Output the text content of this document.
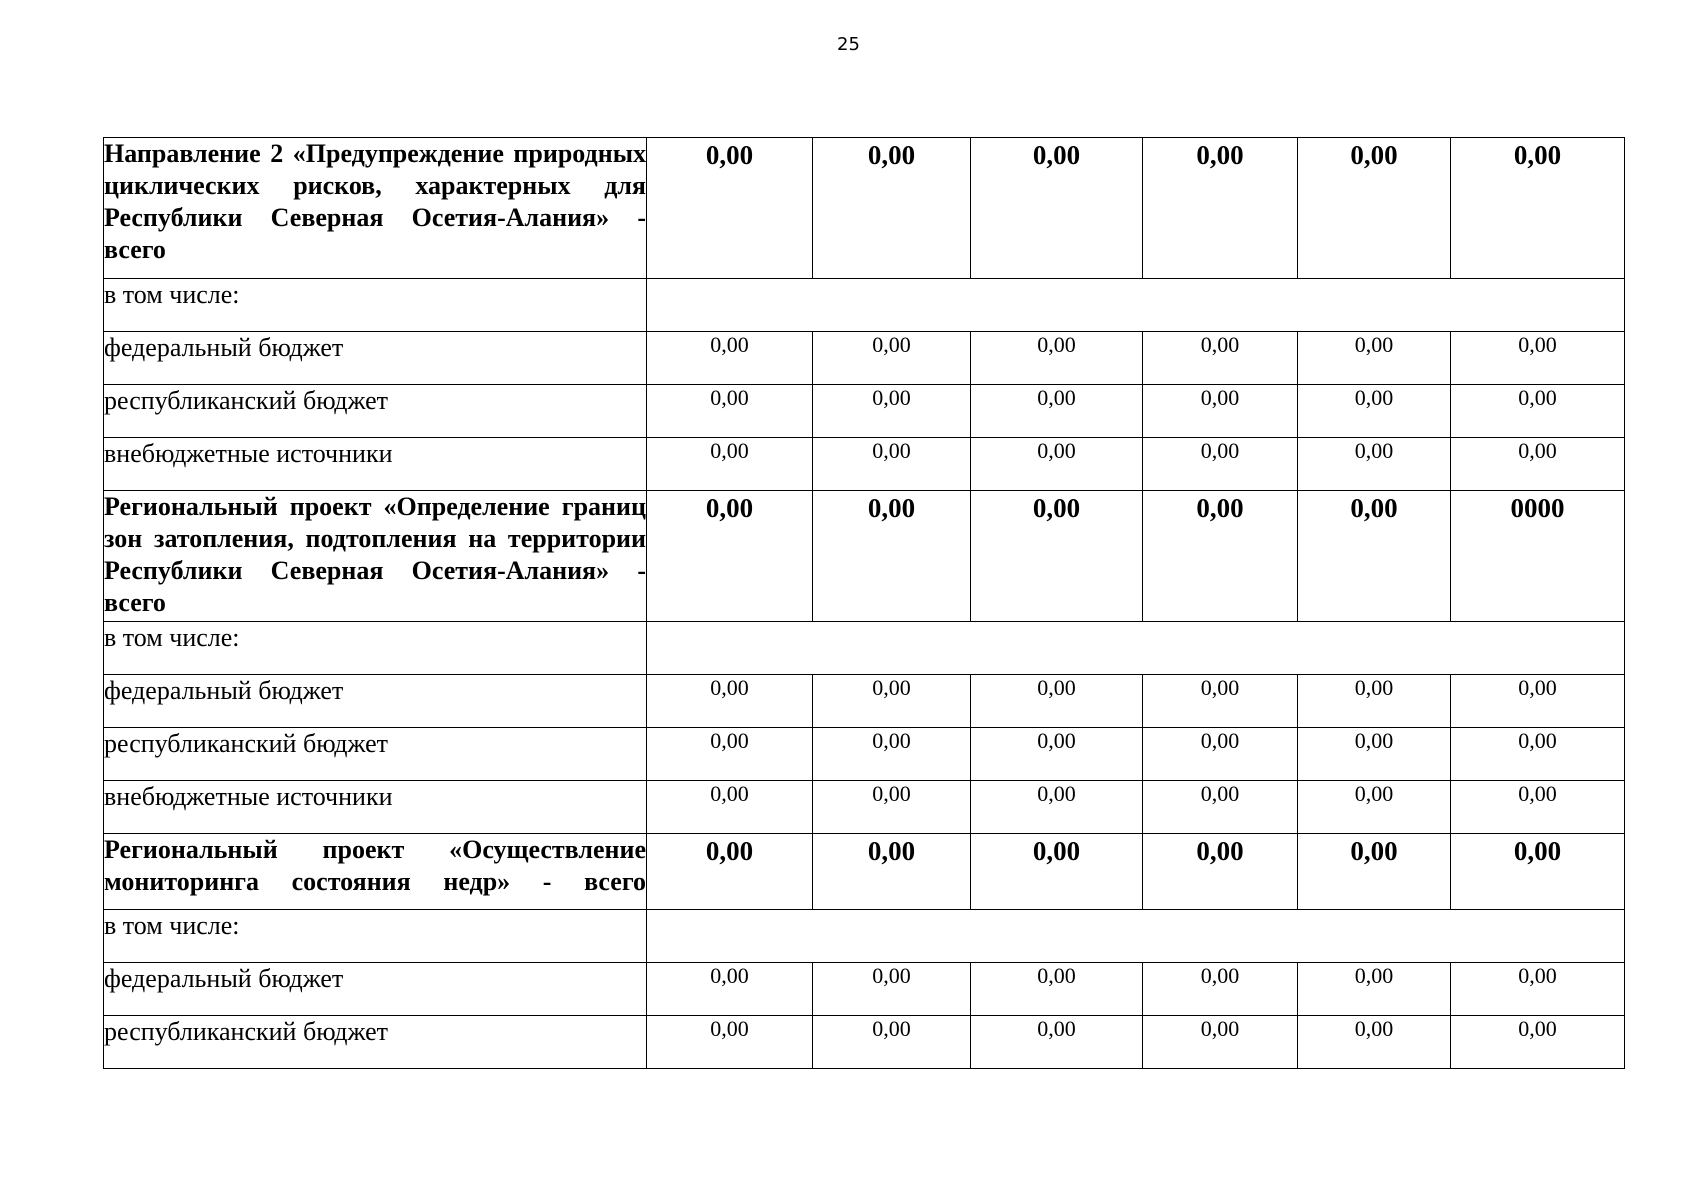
25
Направление 2 «Предупреждение природных циклических рисков, характерных для Республики Северная Осетия-Алания» - всего	0,00	0,00	0,00	0,00	0,00	0,00
в том числе:						
федеральный бюджет	0,00	0,00	0,00	0,00	0,00	0,00
республиканский бюджет	0,00	0,00	0,00	0,00	0,00	0,00
внебюджетные источники	0,00	0,00	0,00	0,00	0,00	0,00
Региональный проект «Определение границ зон затопления, подтопления на территории Республики Северная Осетия-Алания» - всего	0,00	0,00	0,00	0,00	0,00	0000
в том числе:						
федеральный бюджет	0,00	0,00	0,00	0,00	0,00	0,00
республиканский бюджет	0,00	0,00	0,00	0,00	0,00	0,00
внебюджетные источники	0,00	0,00	0,00	0,00	0,00	0,00
Региональный проект «Осуществление мониторинга состояния недр» - всего	0,00	0,00	0,00	0,00	0,00	0,00
в том числе:						
федеральный бюджет	0,00	0,00	0,00	0,00	0,00	0,00
республиканский бюджет	0,00	0,00	0,00	0,00	0,00	0,00
